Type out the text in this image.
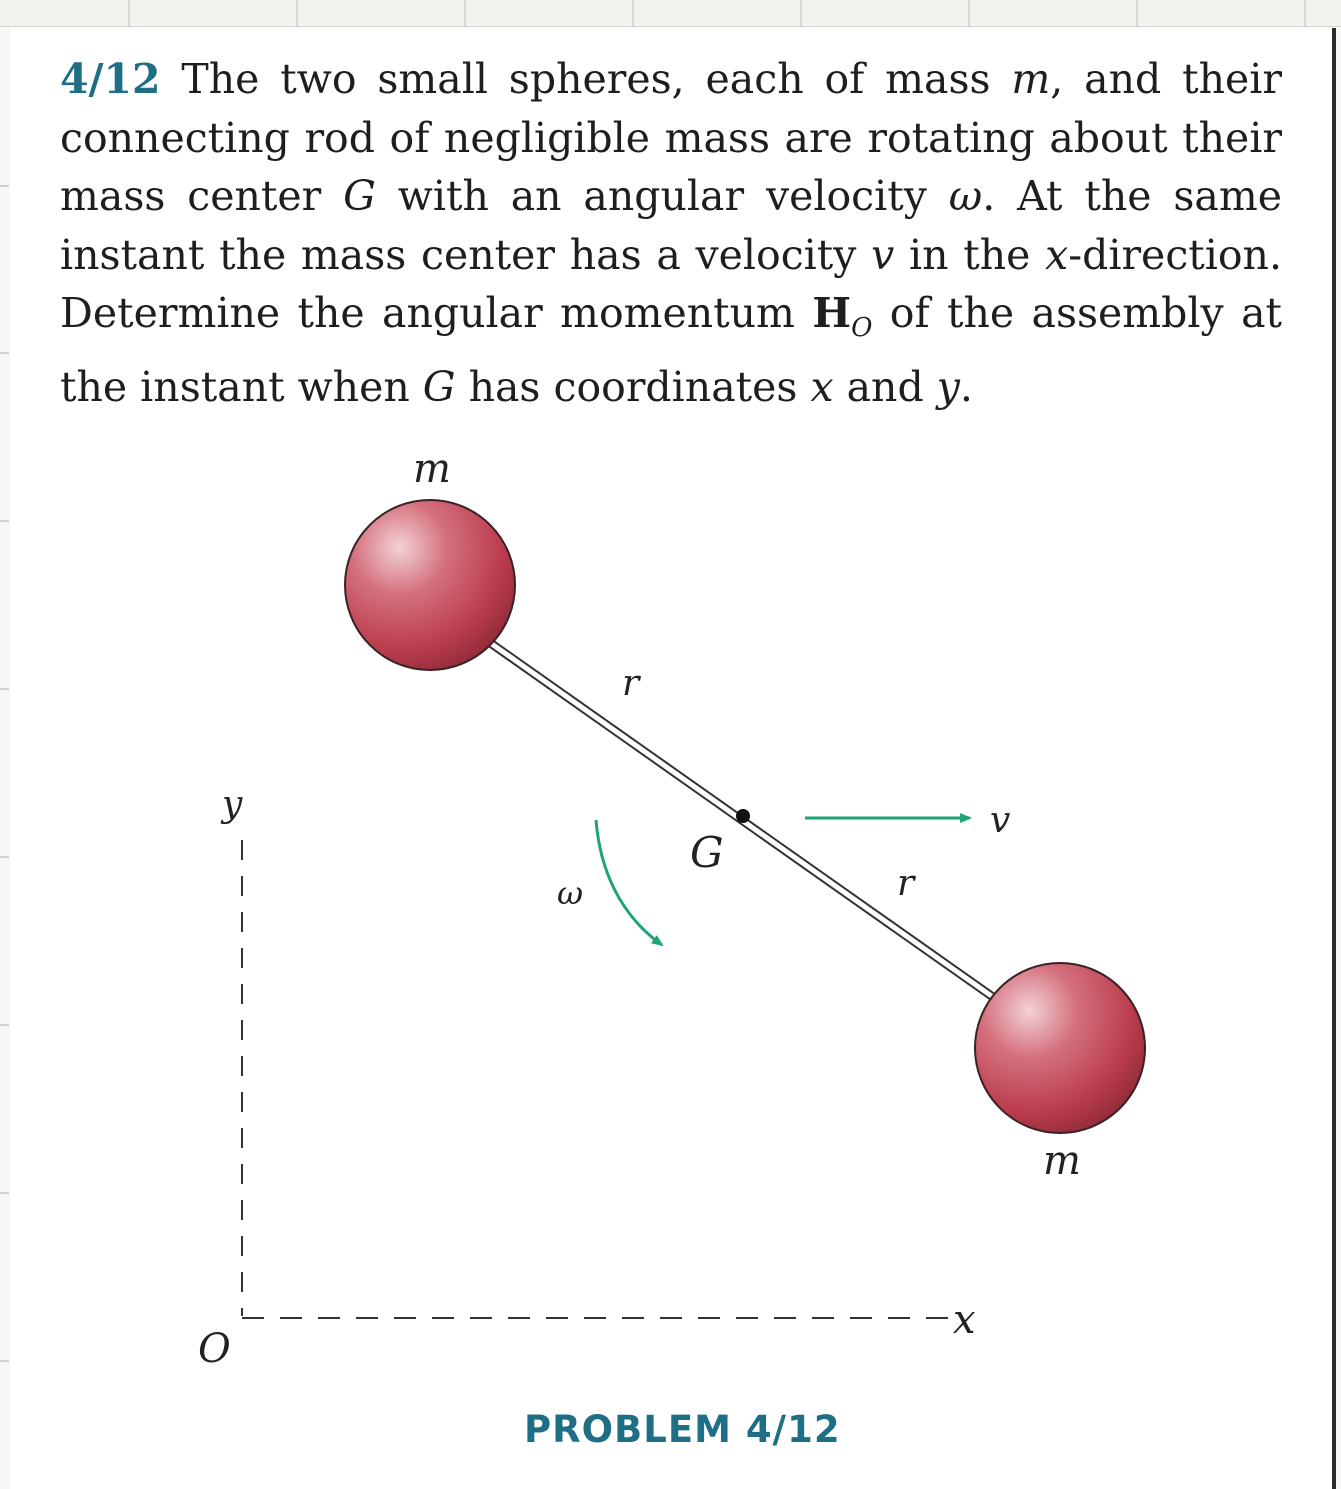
4/12 The two small spheres, each of mass m, and their connecting rod of negligible mass are rotating about their mass center G with an angular velocity ω. At the same instant the mass center has a velocity v in the x-direction. Determine the angular momentum $H_O$ of the assembly at the instant when G has coordinates x and y.

m
m
r
r
G
v
ω
y
x
O
PROBLEM 4/12
